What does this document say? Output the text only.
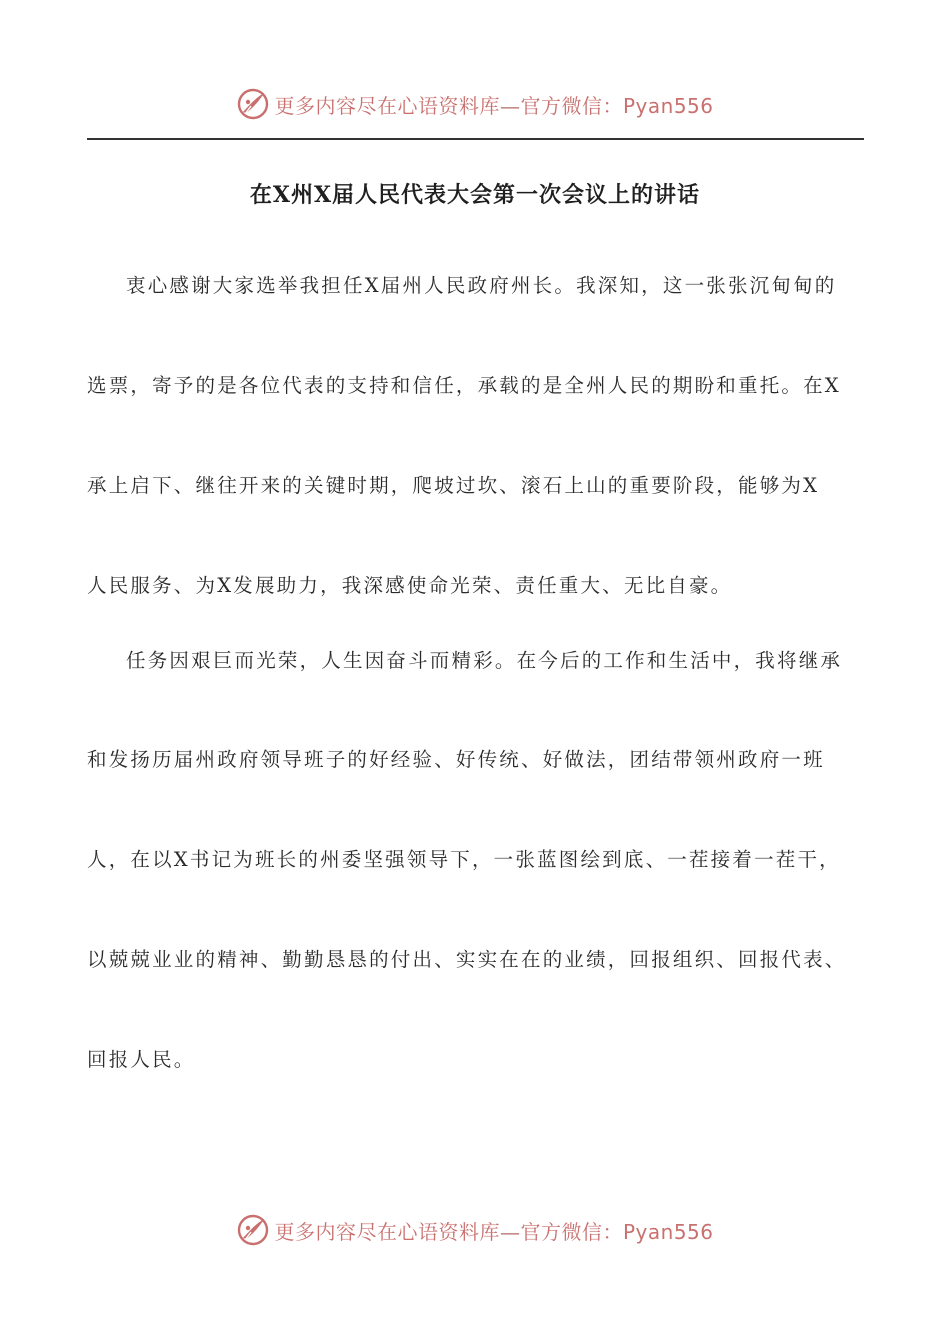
更多内容尽在心语资料库—官方微信：Pyan556
在X州X届人民代表大会第一次会议上的讲话
衷心感谢大家选举我担任X届州人民政府州长。我深知，这一张张沉甸甸的
选票，寄予的是各位代表的支持和信任，承载的是全州人民的期盼和重托。在X
承上启下、继往开来的关键时期，爬坡过坎、滚石上山的重要阶段，能够为X
人民服务、为X发展助力，我深感使命光荣、责任重大、无比自豪。
任务因艰巨而光荣，人生因奋斗而精彩。在今后的工作和生活中，我将继承
和发扬历届州政府领导班子的好经验、好传统、好做法，团结带领州政府一班
人，在以X书记为班长的州委坚强领导下，一张蓝图绘到底、一茬接着一茬干，
以兢兢业业的精神、勤勤恳恳的付出、实实在在的业绩，回报组织、回报代表、
回报人民。
更多内容尽在心语资料库—官方微信：Pyan556
